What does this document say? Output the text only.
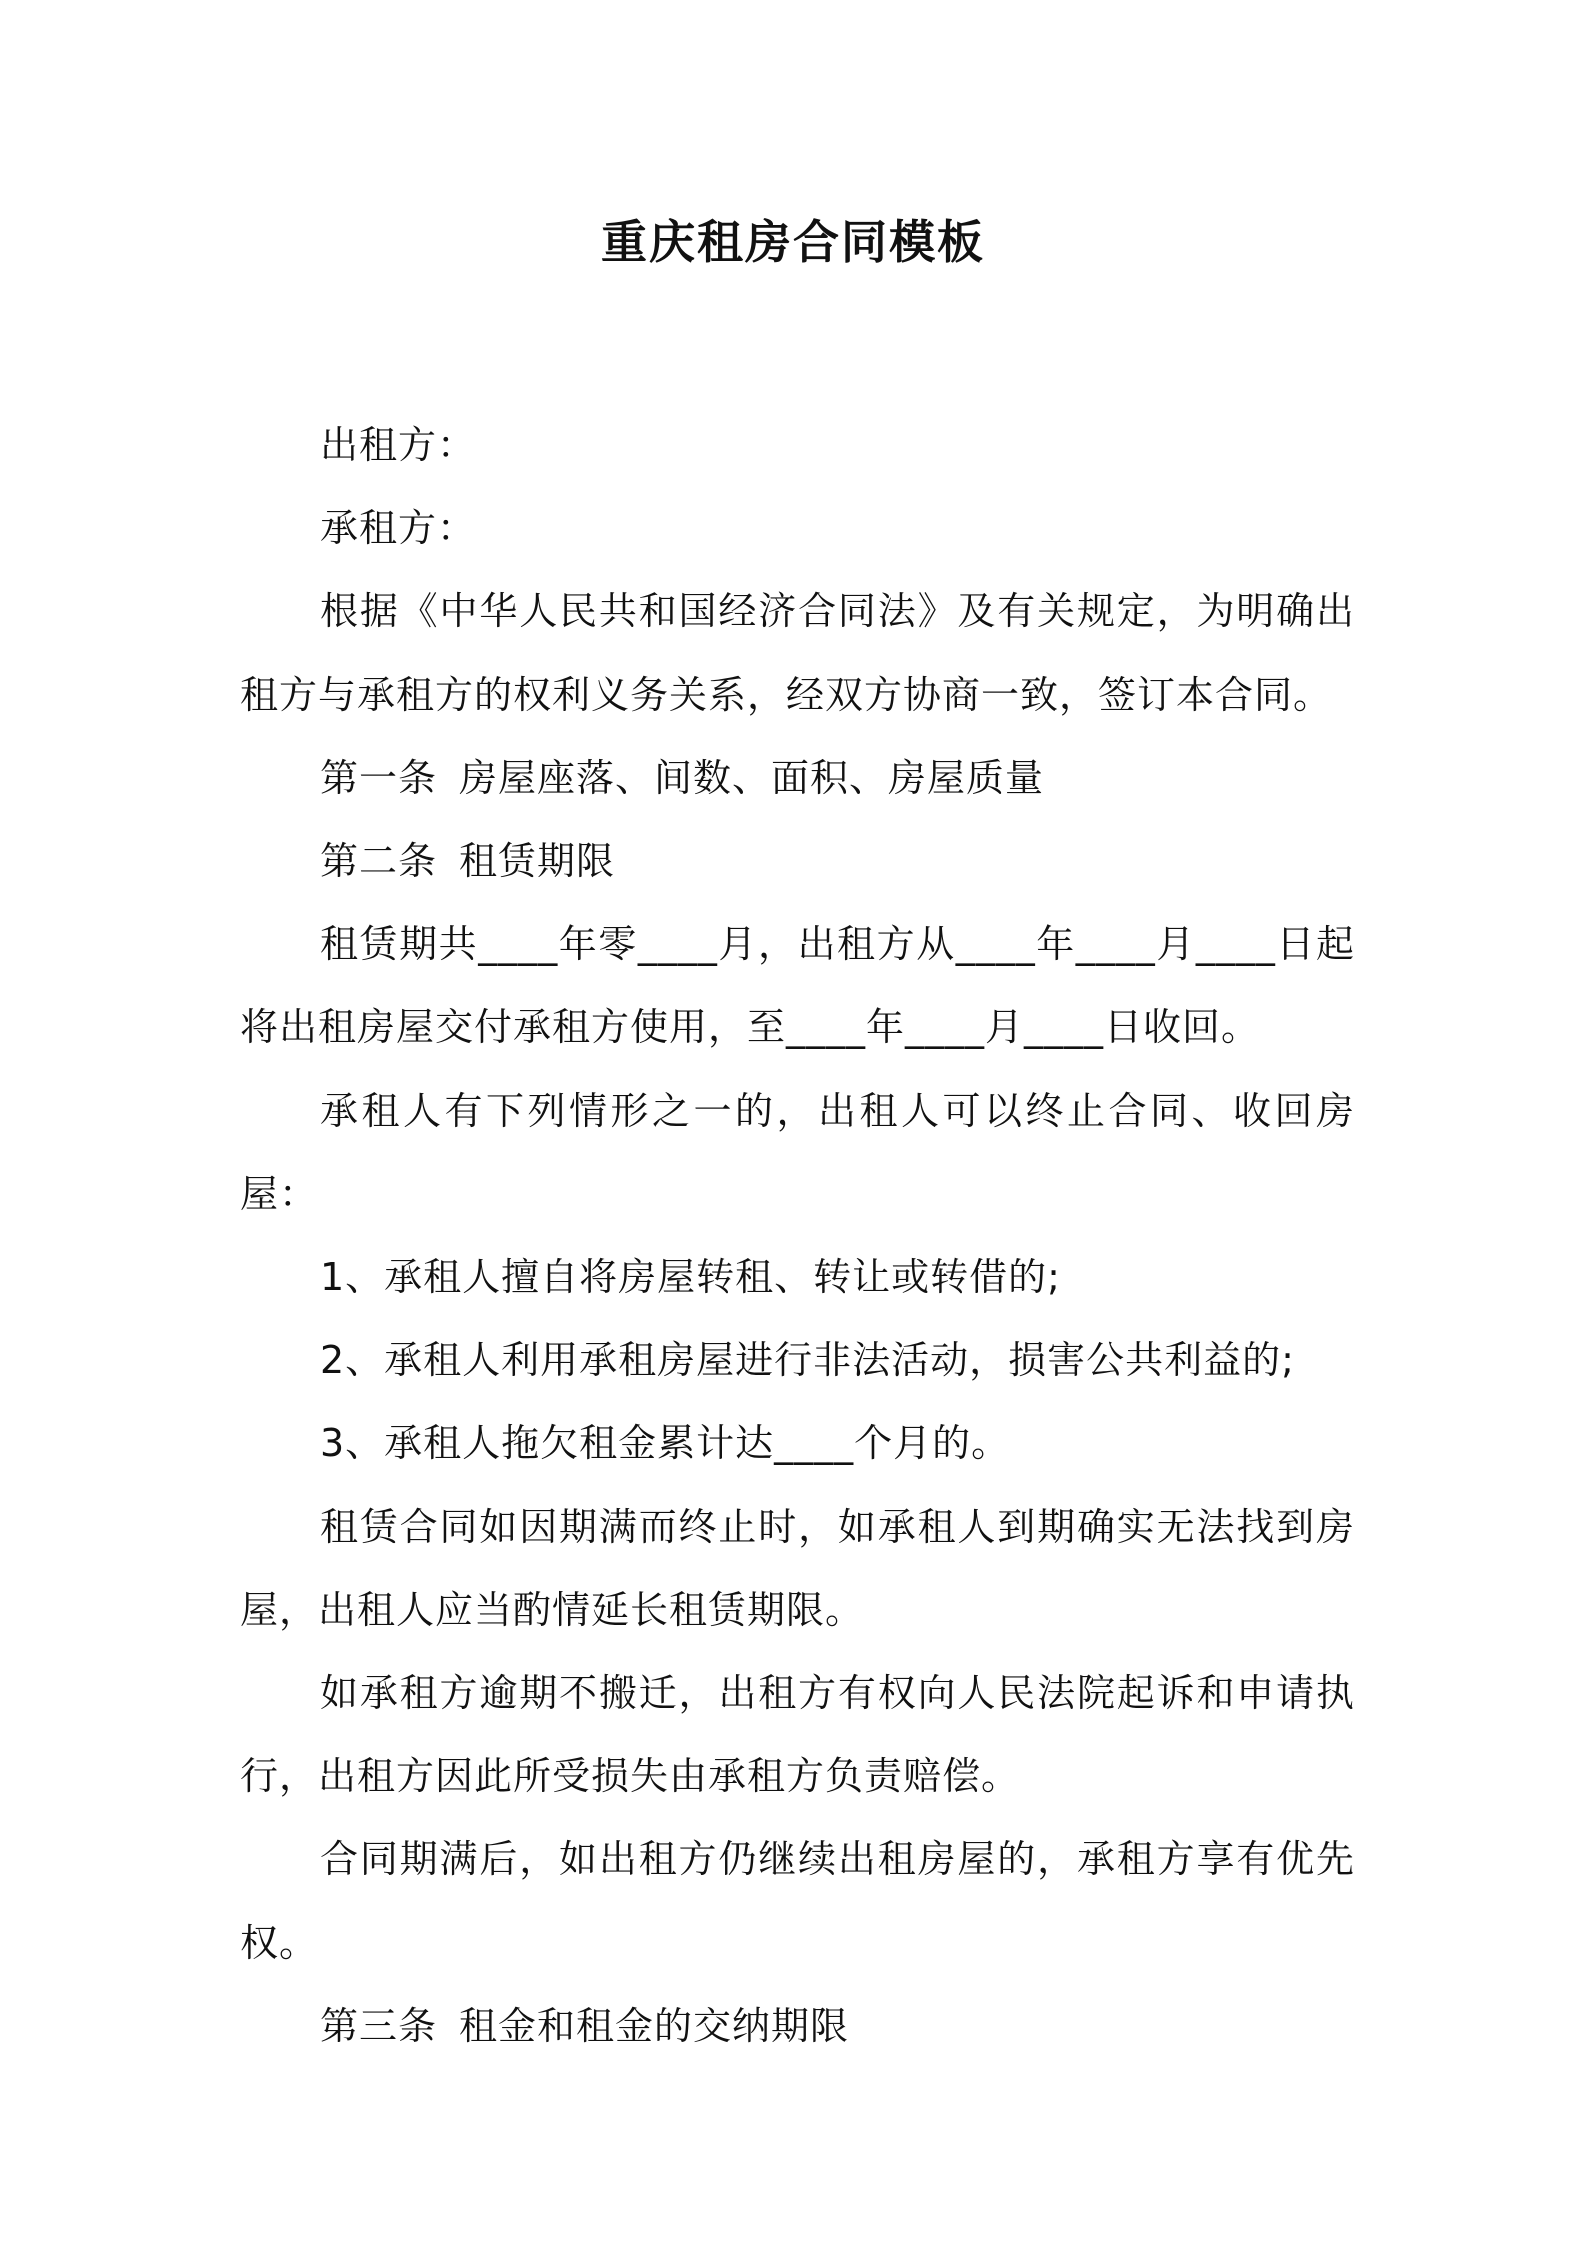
重庆租房合同模板

出租方：

承租方：

根据《中华人民共和国经济合同法》及有关规定，为明确出租方与承租方的权利义务关系，经双方协商一致，签订本合同。

第一条 房屋座落、间数、面积、房屋质量

第二条 租赁期限

租赁期共____年零____月，出租方从____年____月____日起将出租房屋交付承租方使用，至____年____月____日收回。

承租人有下列情形之一的，出租人可以终止合同、收回房屋：

1、承租人擅自将房屋转租、转让或转借的;

2、承租人利用承租房屋进行非法活动，损害公共利益的;

3、承租人拖欠租金累计达____个月的。

租赁合同如因期满而终止时，如承租人到期确实无法找到房屋，出租人应当酌情延长租赁期限。

如承租方逾期不搬迁，出租方有权向人民法院起诉和申请执行，出租方因此所受损失由承租方负责赔偿。

合同期满后，如出租方仍继续出租房屋的，承租方享有优先权。

第三条 租金和租金的交纳期限
